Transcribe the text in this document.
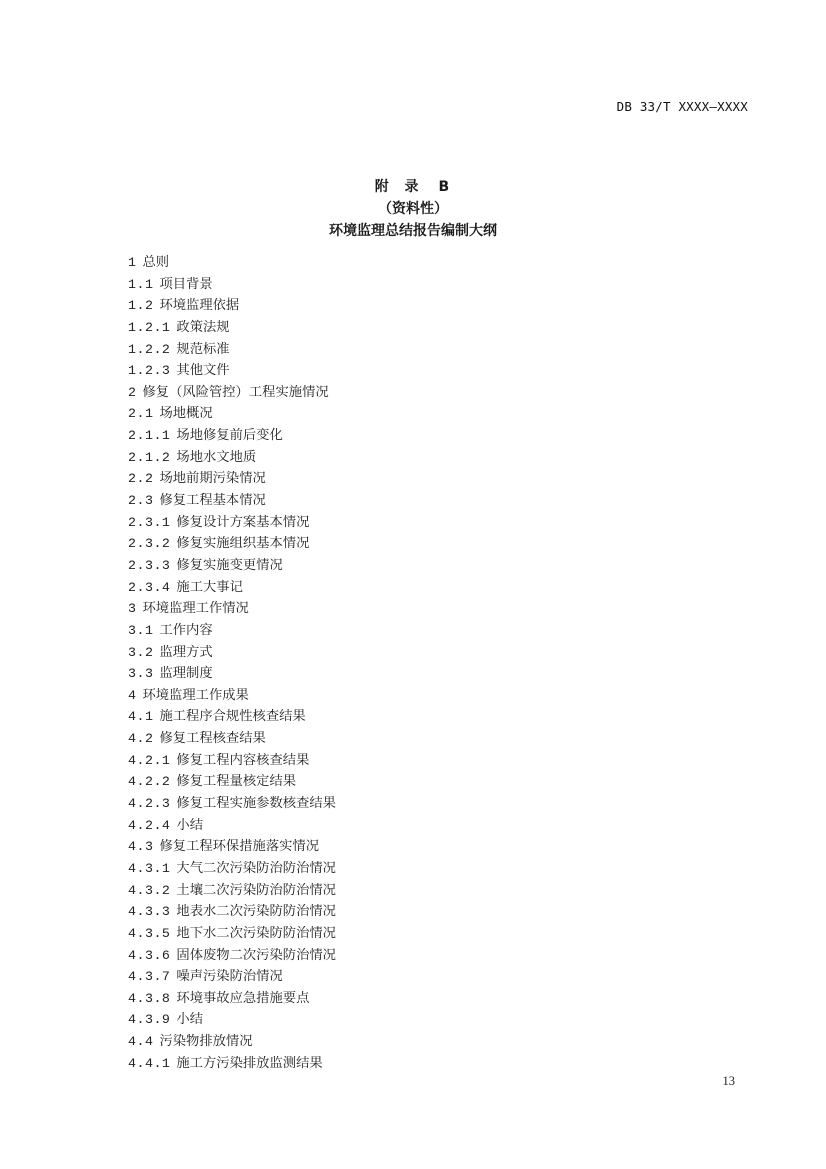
DB 33/T XXXX—XXXX
附  录 B
（资料性）
环境监理总结报告编制大纲
1 总则
1.1 项目背景
1.2 环境监理依据
1.2.1 政策法规
1.2.2 规范标准
1.2.3 其他文件
2 修复（风险管控）工程实施情况
2.1 场地概况
2.1.1 场地修复前后变化
2.1.2 场地水文地质
2.2 场地前期污染情况
2.3 修复工程基本情况
2.3.1 修复设计方案基本情况
2.3.2 修复实施组织基本情况
2.3.3 修复实施变更情况
2.3.4 施工大事记
3 环境监理工作情况
3.1 工作内容
3.2 监理方式
3.3 监理制度
4 环境监理工作成果
4.1 施工程序合规性核查结果
4.2 修复工程核查结果
4.2.1 修复工程内容核查结果
4.2.2 修复工程量核定结果
4.2.3 修复工程实施参数核查结果
4.2.4 小结
4.3 修复工程环保措施落实情况
4.3.1 大气二次污染防治防治情况
4.3.2 土壤二次污染防治防治情况
4.3.3 地表水二次污染防防治情况
4.3.5 地下水二次污染防防治情况
4.3.6 固体废物二次污染防治情况
4.3.7 噪声污染防治情况
4.3.8 环境事故应急措施要点
4.3.9 小结
4.4 污染物排放情况
4.4.1 施工方污染排放监测结果
13
